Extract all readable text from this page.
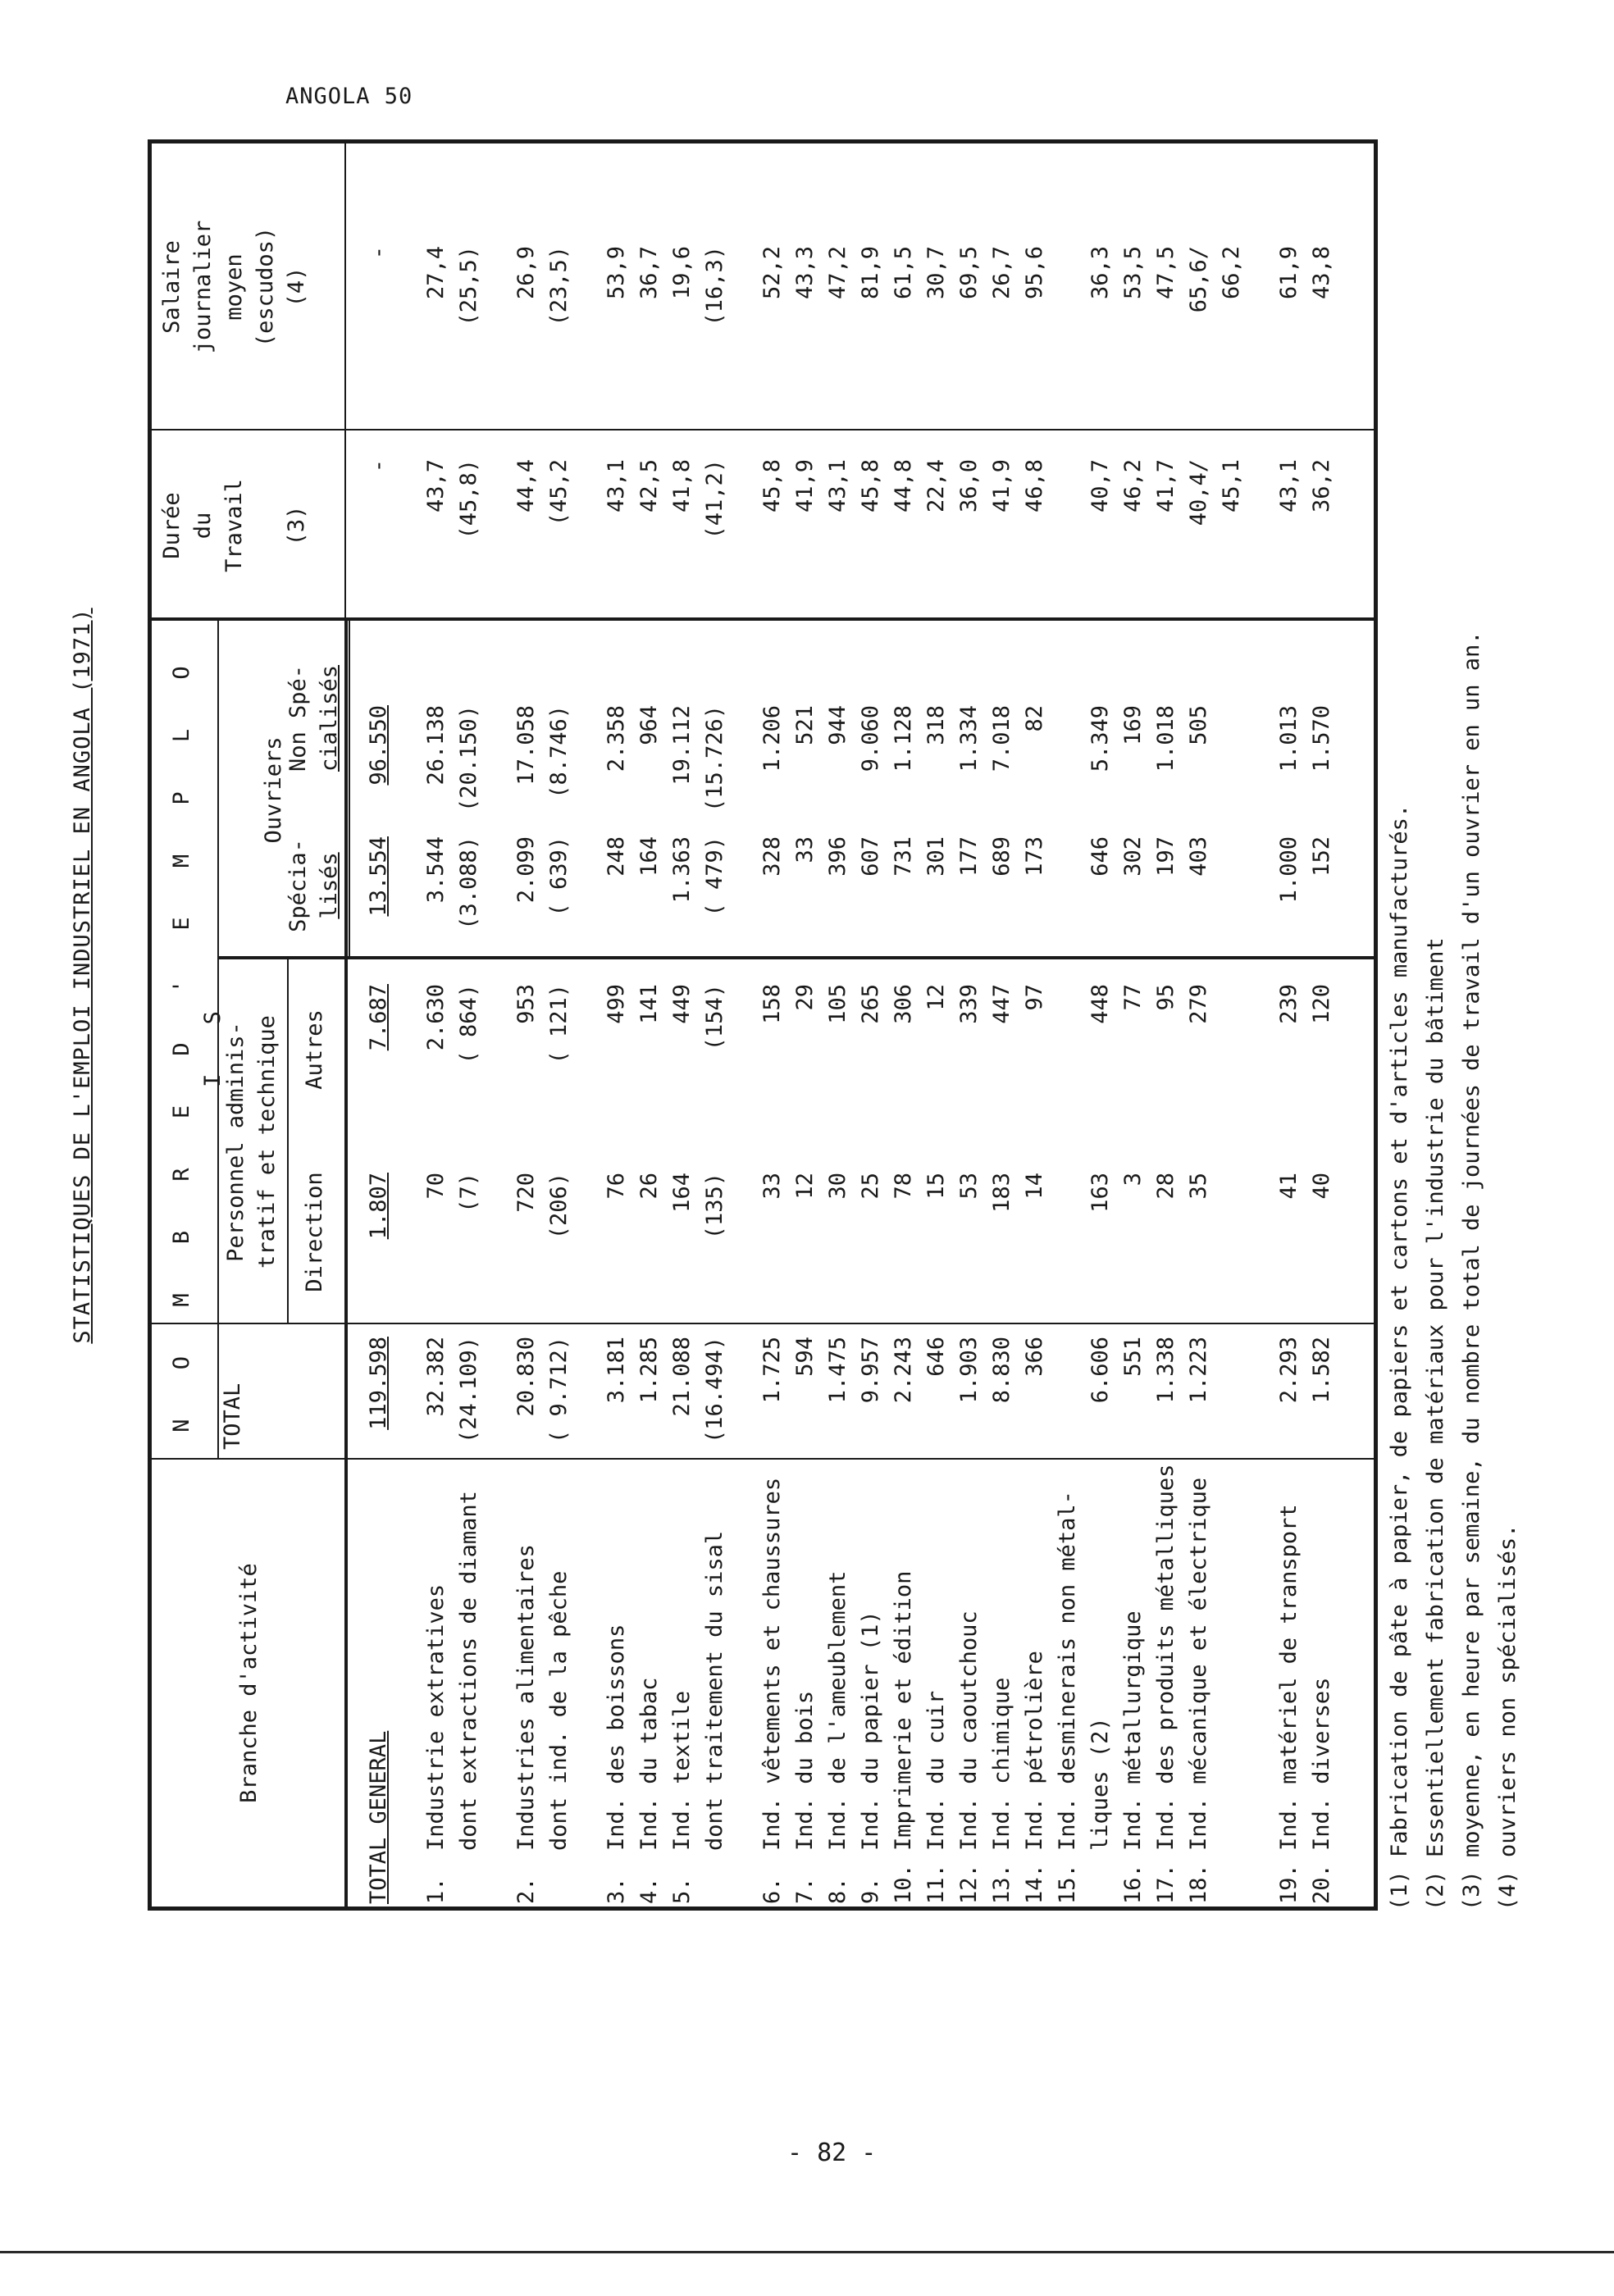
ANGOLA 50
STATISTIQUES DE L'EMPLOI INDUSTRIEL EN ANGOLA (1971)
Branche d'activité
N O M B R E D ' E M P L O I S
TOTAL
Personnel adminis- tratif et technique Direction
Autres
Ouvriers
Spécia- lisés
Non Spé- cialisés
Durée du Travail (3)
Salaire journalier moyen (escudos) (4)
TOTAL GENERAL
119.598
1.807
7.687
13.554
96.550
-
-
1.  Industrie extratives
32.382
70
2.630
3.544
26.138
43,7
27,4
dont extractions de diamant
(24.109)
(7)
( 864)
(3.088)
(20.150)
(45,8)
(25,5)
2.  Industries alimentaires
20.830
720
953
2.099
17.058
44,4
26,9
dont ind. de la pêche
( 9.712)
(206)
( 121)
( 639)
(8.746)
(45,2
(23,5)
3.  Ind. des boissons
3.181
76
499
248
2.358
43,1
53,9
4.  Ind. du tabac
1.285
26
141
164
964
42,5
36,7
5.  Ind. textile
21.088
164
449
1.363
19.112
41,8
19,6
dont traitement du sisal
(16.494)
(135)
(154)
( 479)
(15.726)
(41,2)
(16,3)
6.  Ind. vêtements et chaussures
1.725
33
158
328
1.206
45,8
52,2
7.  Ind. du bois
594
12
29
33
521
41,9
43,3
8.  Ind. de l'ameublement
1.475
30
105
396
944
43,1
47,2
9.  Ind. du papier (1)
9.957
25
265
607
9.060
45,8
81,9
10. Imprimerie et édition
2.243
78
306
731
1.128
44,8
61,5
11. Ind. du cuir
646
15
12
301
318
22,4
30,7
12. Ind. du caoutchouc
1.903
53
339
177
1.334
36,0
69,5
13. Ind. chimique
8.830
183
447
689
7.018
41,9
26,7
14. Ind. pétrolière
366
14
97
173
82
46,8
95,6
15. Ind. desminerais non métal- liques (2)
6.606
163
448
646
5.349
40,7
36,3
16. Ind. métallurgique
551
3
77
302
169
46,2
53,5
17. Ind. des produits métalliques
1.338
28
95
197
1.018
41,7
47,5
18. Ind. mécanique et électrique
1.223
35
279
403
505
40,4/
65,6/
45,1
66,2
19. Ind. matériel de transport
2.293
41
239
1.000
1.013
43,1
61,9
20. Ind. diverses
1.582
40
120
152
1.570
36,2
43,8
(1) Fabrication de pâte à papier, de papiers et cartons et d'articles manufacturés. (2) Essentiellement fabrication de matériaux pour l'industrie du bâtiment (3) moyenne, en heure par semaine, du nombre total de journées de travail d'un ouvrier en un an. (4) ouvriers non spécialisés.
- 82 -
